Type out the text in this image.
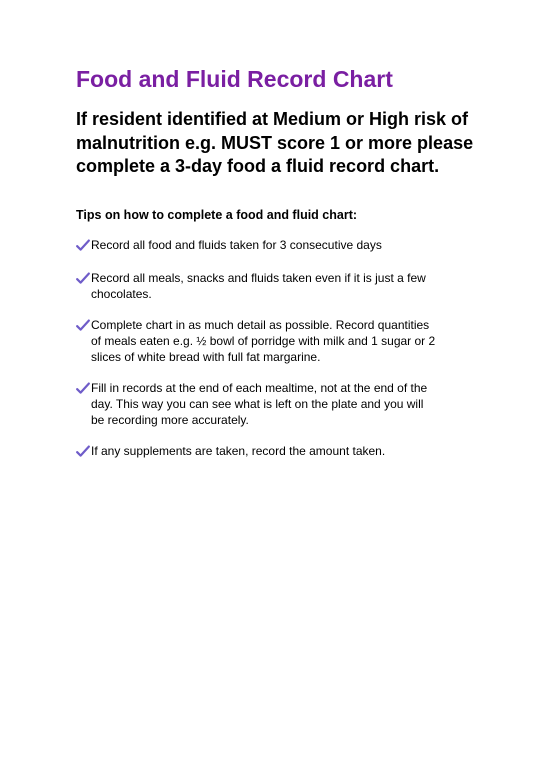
Food and Fluid Record Chart

If resident identified at Medium or High risk of malnutrition e.g. MUST score 1 or more please complete a 3-day food a fluid record chart.

Tips on how to complete a food and fluid chart:

Record all food and fluids taken for 3 consecutive days
Record all meals, snacks and fluids taken even if it is just a few
chocolates.
Complete chart in as much detail as possible. Record quantities
of meals eaten e.g. ½ bowl of porridge with milk and 1 sugar or 2
slices of white bread with full fat margarine.
Fill in records at the end of each mealtime, not at the end of the
day. This way you can see what is left on the plate and you will
be recording more accurately.
If any supplements are taken, record the amount taken.
